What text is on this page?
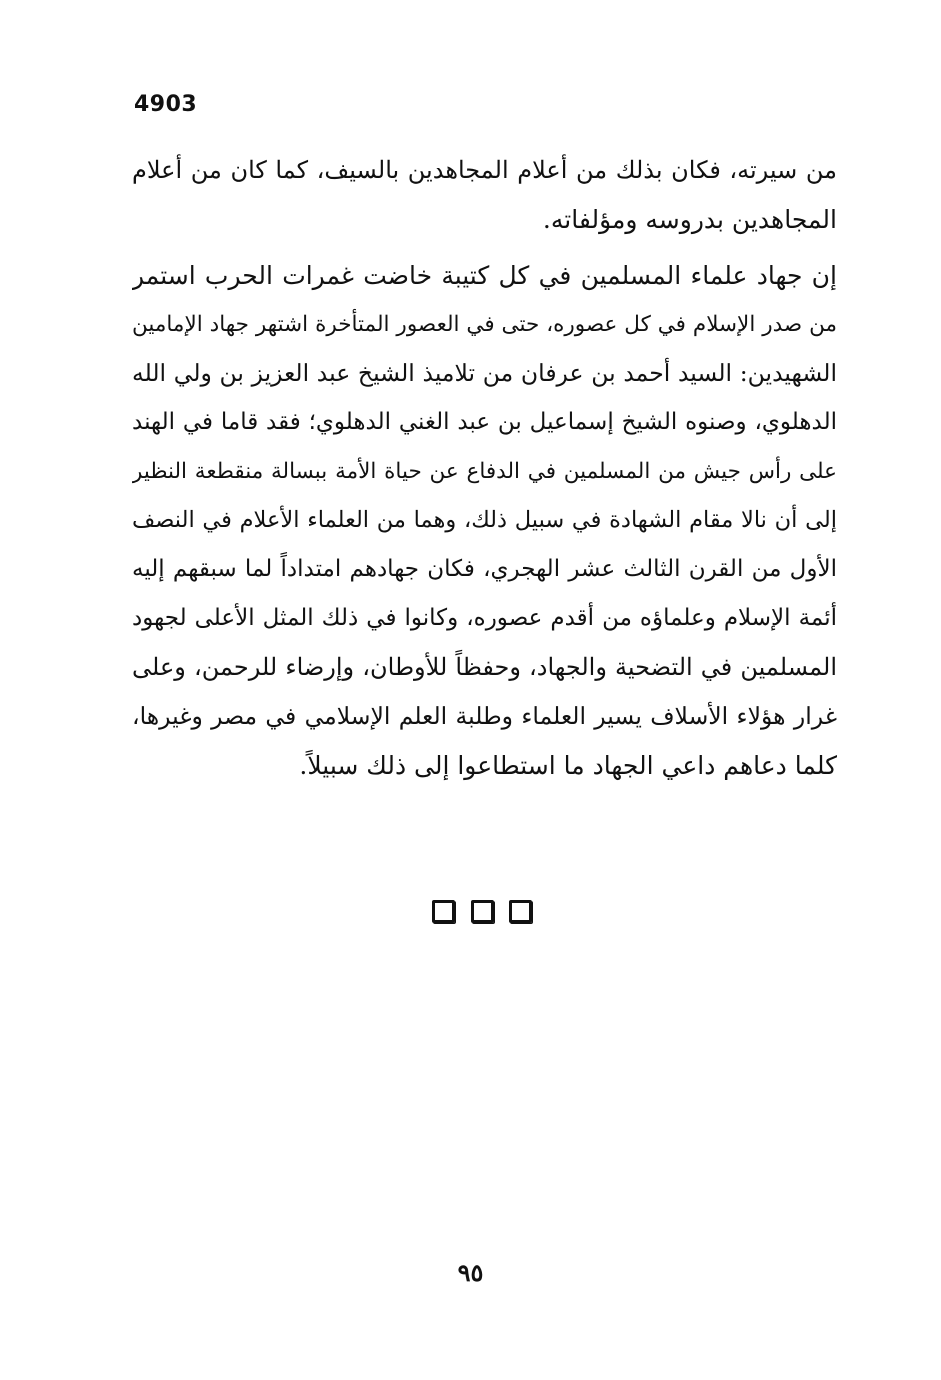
4903
من سيرته، فكان بذلك من أعلام المجاهدين بالسيف، كما كان من أعلام
المجاهدين بدروسه ومؤلفاته.
إن جهاد علماء المسلمين في كل كتيبة خاضت غمرات الحرب استمر
من صدر الإسلام في كل عصوره، حتى في العصور المتأخرة اشتهر جهاد الإمامين
الشهيدين: السيد أحمد بن عرفان من تلاميذ الشيخ عبد العزيز بن ولي الله
الدهلوي، وصنوه الشيخ إسماعيل بن عبد الغني الدهلوي؛ فقد قاما في الهند
على رأس جيش من المسلمين في الدفاع عن حياة الأمة ببسالة منقطعة النظير
إلى أن نالا مقام الشهادة في سبيل ذلك، وهما من العلماء الأعلام في النصف
الأول من القرن الثالث عشر الهجري، فكان جهادهم امتداداً لما سبقهم إليه
أئمة الإسلام وعلماؤه من أقدم عصوره، وكانوا في ذلك المثل الأعلى لجهود
المسلمين في التضحية والجهاد، وحفظاً للأوطان، وإرضاء للرحمن، وعلى
غرار هؤلاء الأسلاف يسير العلماء وطلبة العلم الإسلامي في مصر وغيرها،
كلما دعاهم داعي الجهاد ما استطاعوا إلى ذلك سبيلاً.
٩٥
